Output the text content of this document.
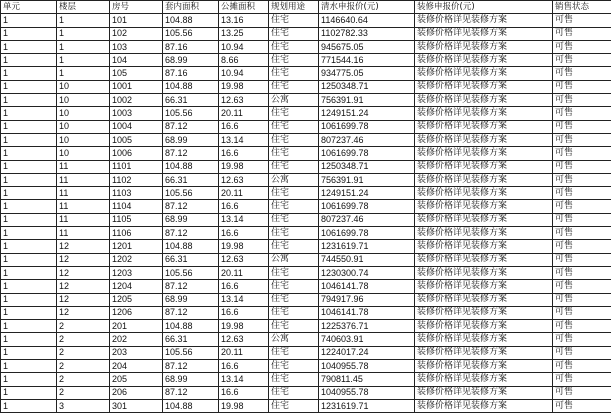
单元	楼层	房号	套内面积	公摊面积	规划用途	清水申报价(元)	装修申报价(元)	销售状态
1	1	101	104.88	13.16	住宅	1146640.64	装修价格详见装修方案	可售
1	1	102	105.56	13.25	住宅	1102782.33	装修价格详见装修方案	可售
1	1	103	87.16	10.94	住宅	945675.05	装修价格详见装修方案	可售
1	1	104	68.99	8.66	住宅	771544.16	装修价格详见装修方案	可售
1	1	105	87.16	10.94	住宅	934775.05	装修价格详见装修方案	可售
1	10	1001	104.88	19.98	住宅	1250348.71	装修价格详见装修方案	可售
1	10	1002	66.31	12.63	公寓	756391.91	装修价格详见装修方案	可售
1	10	1003	105.56	20.11	住宅	1249151.24	装修价格详见装修方案	可售
1	10	1004	87.12	16.6	住宅	1061699.78	装修价格详见装修方案	可售
1	10	1005	68.99	13.14	住宅	807237.46	装修价格详见装修方案	可售
1	10	1006	87.12	16.6	住宅	1061699.78	装修价格详见装修方案	可售
1	11	1101	104.88	19.98	住宅	1250348.71	装修价格详见装修方案	可售
1	11	1102	66.31	12.63	公寓	756391.91	装修价格详见装修方案	可售
1	11	1103	105.56	20.11	住宅	1249151.24	装修价格详见装修方案	可售
1	11	1104	87.12	16.6	住宅	1061699.78	装修价格详见装修方案	可售
1	11	1105	68.99	13.14	住宅	807237.46	装修价格详见装修方案	可售
1	11	1106	87.12	16.6	住宅	1061699.78	装修价格详见装修方案	可售
1	12	1201	104.88	19.98	住宅	1231619.71	装修价格详见装修方案	可售
1	12	1202	66.31	12.63	公寓	744550.91	装修价格详见装修方案	可售
1	12	1203	105.56	20.11	住宅	1230300.74	装修价格详见装修方案	可售
1	12	1204	87.12	16.6	住宅	1046141.78	装修价格详见装修方案	可售
1	12	1205	68.99	13.14	住宅	794917.96	装修价格详见装修方案	可售
1	12	1206	87.12	16.6	住宅	1046141.78	装修价格详见装修方案	可售
1	2	201	104.88	19.98	住宅	1225376.71	装修价格详见装修方案	可售
1	2	202	66.31	12.63	公寓	740603.91	装修价格详见装修方案	可售
1	2	203	105.56	20.11	住宅	1224017.24	装修价格详见装修方案	可售
1	2	204	87.12	16.6	住宅	1040955.78	装修价格详见装修方案	可售
1	2	205	68.99	13.14	住宅	790811.45	装修价格详见装修方案	可售
1	2	206	87.12	16.6	住宅	1040955.78	装修价格详见装修方案	可售
1	3	301	104.88	19.98	住宅	1231619.71	装修价格详见装修方案	可售
